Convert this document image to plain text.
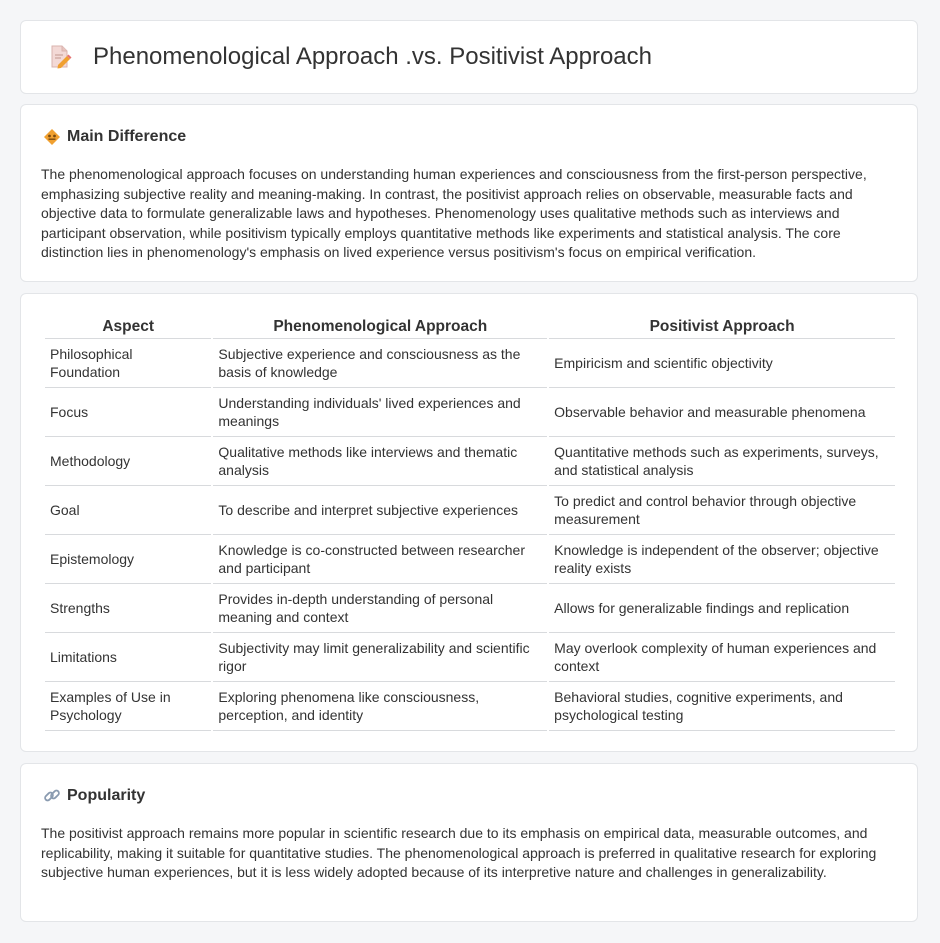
Phenomenological Approach .vs. Positivist Approach
Main Difference
The phenomenological approach focuses on understanding human experiences and consciousness from the first-person perspective, emphasizing subjective reality and meaning-making. In contrast, the positivist approach relies on observable, measurable facts and objective data to formulate generalizable laws and hypotheses. Phenomenology uses qualitative methods such as interviews and participant observation, while positivism typically employs quantitative methods like experiments and statistical analysis. The core distinction lies in phenomenology's emphasis on lived experience versus positivism's focus on empirical verification.
Aspect	Phenomenological Approach	Positivist Approach
Philosophical Foundation	Subjective experience and consciousness as the basis of knowledge	Empiricism and scientific objectivity
Focus	Understanding individuals' lived experiences and meanings	Observable behavior and measurable phenomena
Methodology	Qualitative methods like interviews and thematic analysis	Quantitative methods such as experiments, surveys, and statistical analysis
Goal	To describe and interpret subjective experiences	To predict and control behavior through objective measurement
Epistemology	Knowledge is co-constructed between researcher and participant	Knowledge is independent of the observer; objective reality exists
Strengths	Provides in-depth understanding of personal meaning and context	Allows for generalizable findings and replication
Limitations	Subjectivity may limit generalizability and scientific rigor	May overlook complexity of human experiences and context
Examples of Use in Psychology	Exploring phenomena like consciousness, perception, and identity	Behavioral studies, cognitive experiments, and psychological testing
Popularity
The positivist approach remains more popular in scientific research due to its emphasis on empirical data, measurable outcomes, and replicability, making it suitable for quantitative studies. The phenomenological approach is preferred in qualitative research for exploring subjective human experiences, but it is less widely adopted because of its interpretive nature and challenges in generalizability.
